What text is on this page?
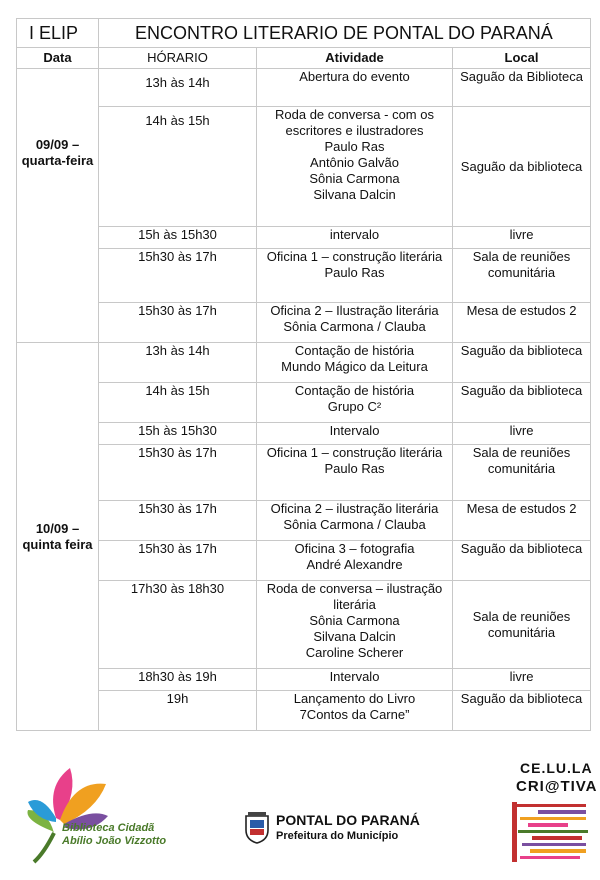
I ELIP	ENCONTRO LITERARIO DE PONTAL DO PARANÁ		
Data	HÓRARIO	Atividade	Local
09/09 – quarta-feira	13h às 14h	Abertura do evento	Saguão da Biblioteca
	14h às 15h	Roda de conversa - com os escritores e ilustradores
Paulo Ras
Antônio Galvão
Sônia Carmona
Silvana Dalcin	Saguão da biblioteca
	15h às 15h30	intervalo	livre
	15h30 às 17h	Oficina 1 – construção literária
Paulo Ras	Sala de reuniões comunitária
	15h30 às 17h	Oficina 2 – Ilustração literária
Sônia Carmona / Clauba	Mesa de estudos 2
10/09 – quinta feira	13h às 14h	Contação de história
Mundo Mágico da Leitura	Saguão da biblioteca
	14h às 15h	Contação de história
Grupo C²	Saguão da biblioteca
	15h às 15h30	Intervalo	livre
	15h30 às 17h	Oficina 1 – construção literária
Paulo Ras	Sala de reuniões comunitária
	15h30 às 17h	Oficina 2 – ilustração literária
Sônia Carmona / Clauba	Mesa de estudos 2
	15h30 às 17h	Oficina 3 – fotografia
André Alexandre	Saguão da biblioteca
	17h30 às 18h30	Roda de conversa – ilustração literária
Sônia Carmona
Silvana Dalcin
Caroline Scherer	Sala de reuniões comunitária
	18h30 às 19h	Intervalo	livre
	19h	Lançamento do Livro
7Contos da Carne”	Saguão da biblioteca
Biblioteca Cidadã
Abílio João Vizzotto
PONTAL DO PARANÁ
Prefeitura do Município
CE.LU.LA
CRI@TIVA
